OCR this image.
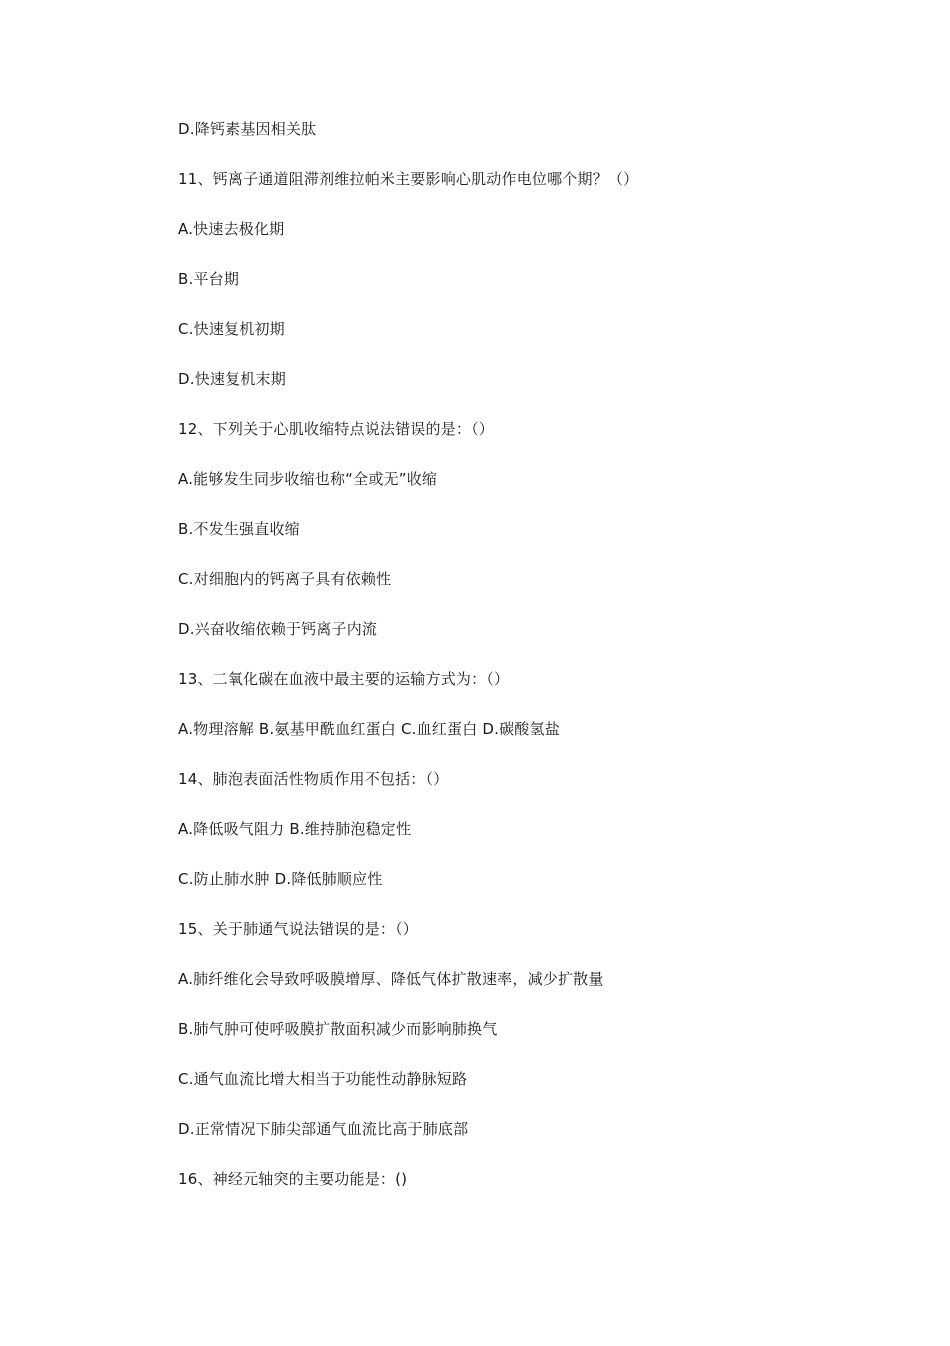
D.降钙素基因相关肽
11、钙离子通道阻滞剂维拉帕米主要影响心肌动作电位哪个期？（）
A.快速去极化期
B.平台期
C.快速复机初期
D.快速复机末期
12、下列关于心肌收缩特点说法错误的是：（）
A.能够发生同步收缩也称“全或无”收缩
B.不发生强直收缩
C.对细胞内的钙离子具有依赖性
D.兴奋收缩依赖于钙离子内流
13、二氧化碳在血液中最主要的运输方式为：（）
A.物理溶解 B.氨基甲酰血红蛋白 C.血红蛋白 D.碳酸氢盐
14、肺泡表面活性物质作用不包括：（）
A.降低吸气阻力 B.维持肺泡稳定性
C.防止肺水肿 D.降低肺顺应性
15、关于肺通气说法错误的是：（）
A.肺纤维化会导致呼吸膜增厚、降低气体扩散速率，减少扩散量
B.肺气肿可使呼吸膜扩散面积减少而影响肺换气
C.通气血流比增大相当于功能性动静脉短路
D.正常情况下肺尖部通气血流比高于肺底部
16、神经元轴突的主要功能是：()
